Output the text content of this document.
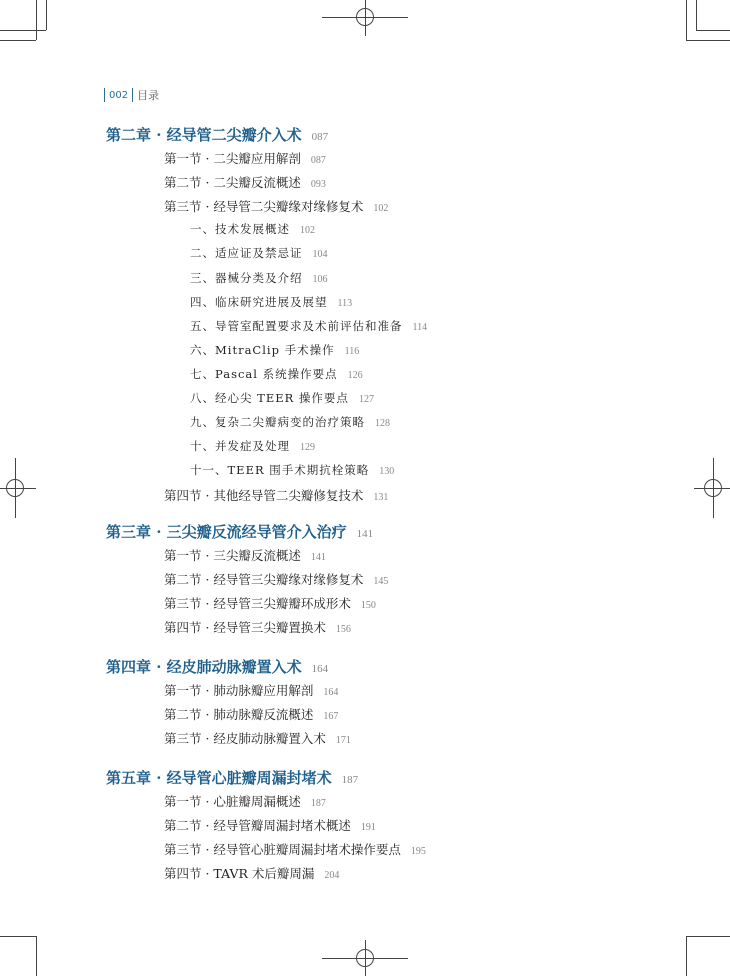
002 目录
第二章 · 经导管二尖瓣介入术 087
第一节 · 二尖瓣应用解剖 087
第二节 · 二尖瓣反流概述 093
第三节 · 经导管二尖瓣缘对缘修复术 102
一、技术发展概述 102
二、适应证及禁忌证 104
三、器械分类及介绍 106
四、临床研究进展及展望 113
五、导管室配置要求及术前评估和准备 114
六、MitraClip 手术操作 116
七、Pascal 系统操作要点 126
八、经心尖 TEER 操作要点 127
九、复杂二尖瓣病变的治疗策略 128
十、并发症及处理 129
十一、TEER 围手术期抗栓策略 130
第四节 · 其他经导管二尖瓣修复技术 131
第三章 · 三尖瓣反流经导管介入治疗 141
第一节 · 三尖瓣反流概述 141
第二节 · 经导管三尖瓣缘对缘修复术 145
第三节 · 经导管三尖瓣瓣环成形术 150
第四节 · 经导管三尖瓣置换术 156
第四章 · 经皮肺动脉瓣置入术 164
第一节 · 肺动脉瓣应用解剖 164
第二节 · 肺动脉瓣反流概述 167
第三节 · 经皮肺动脉瓣置入术 171
第五章 · 经导管心脏瓣周漏封堵术 187
第一节 · 心脏瓣周漏概述 187
第二节 · 经导管瓣周漏封堵术概述 191
第三节 · 经导管心脏瓣周漏封堵术操作要点 195
第四节 · TAVR 术后瓣周漏 204
